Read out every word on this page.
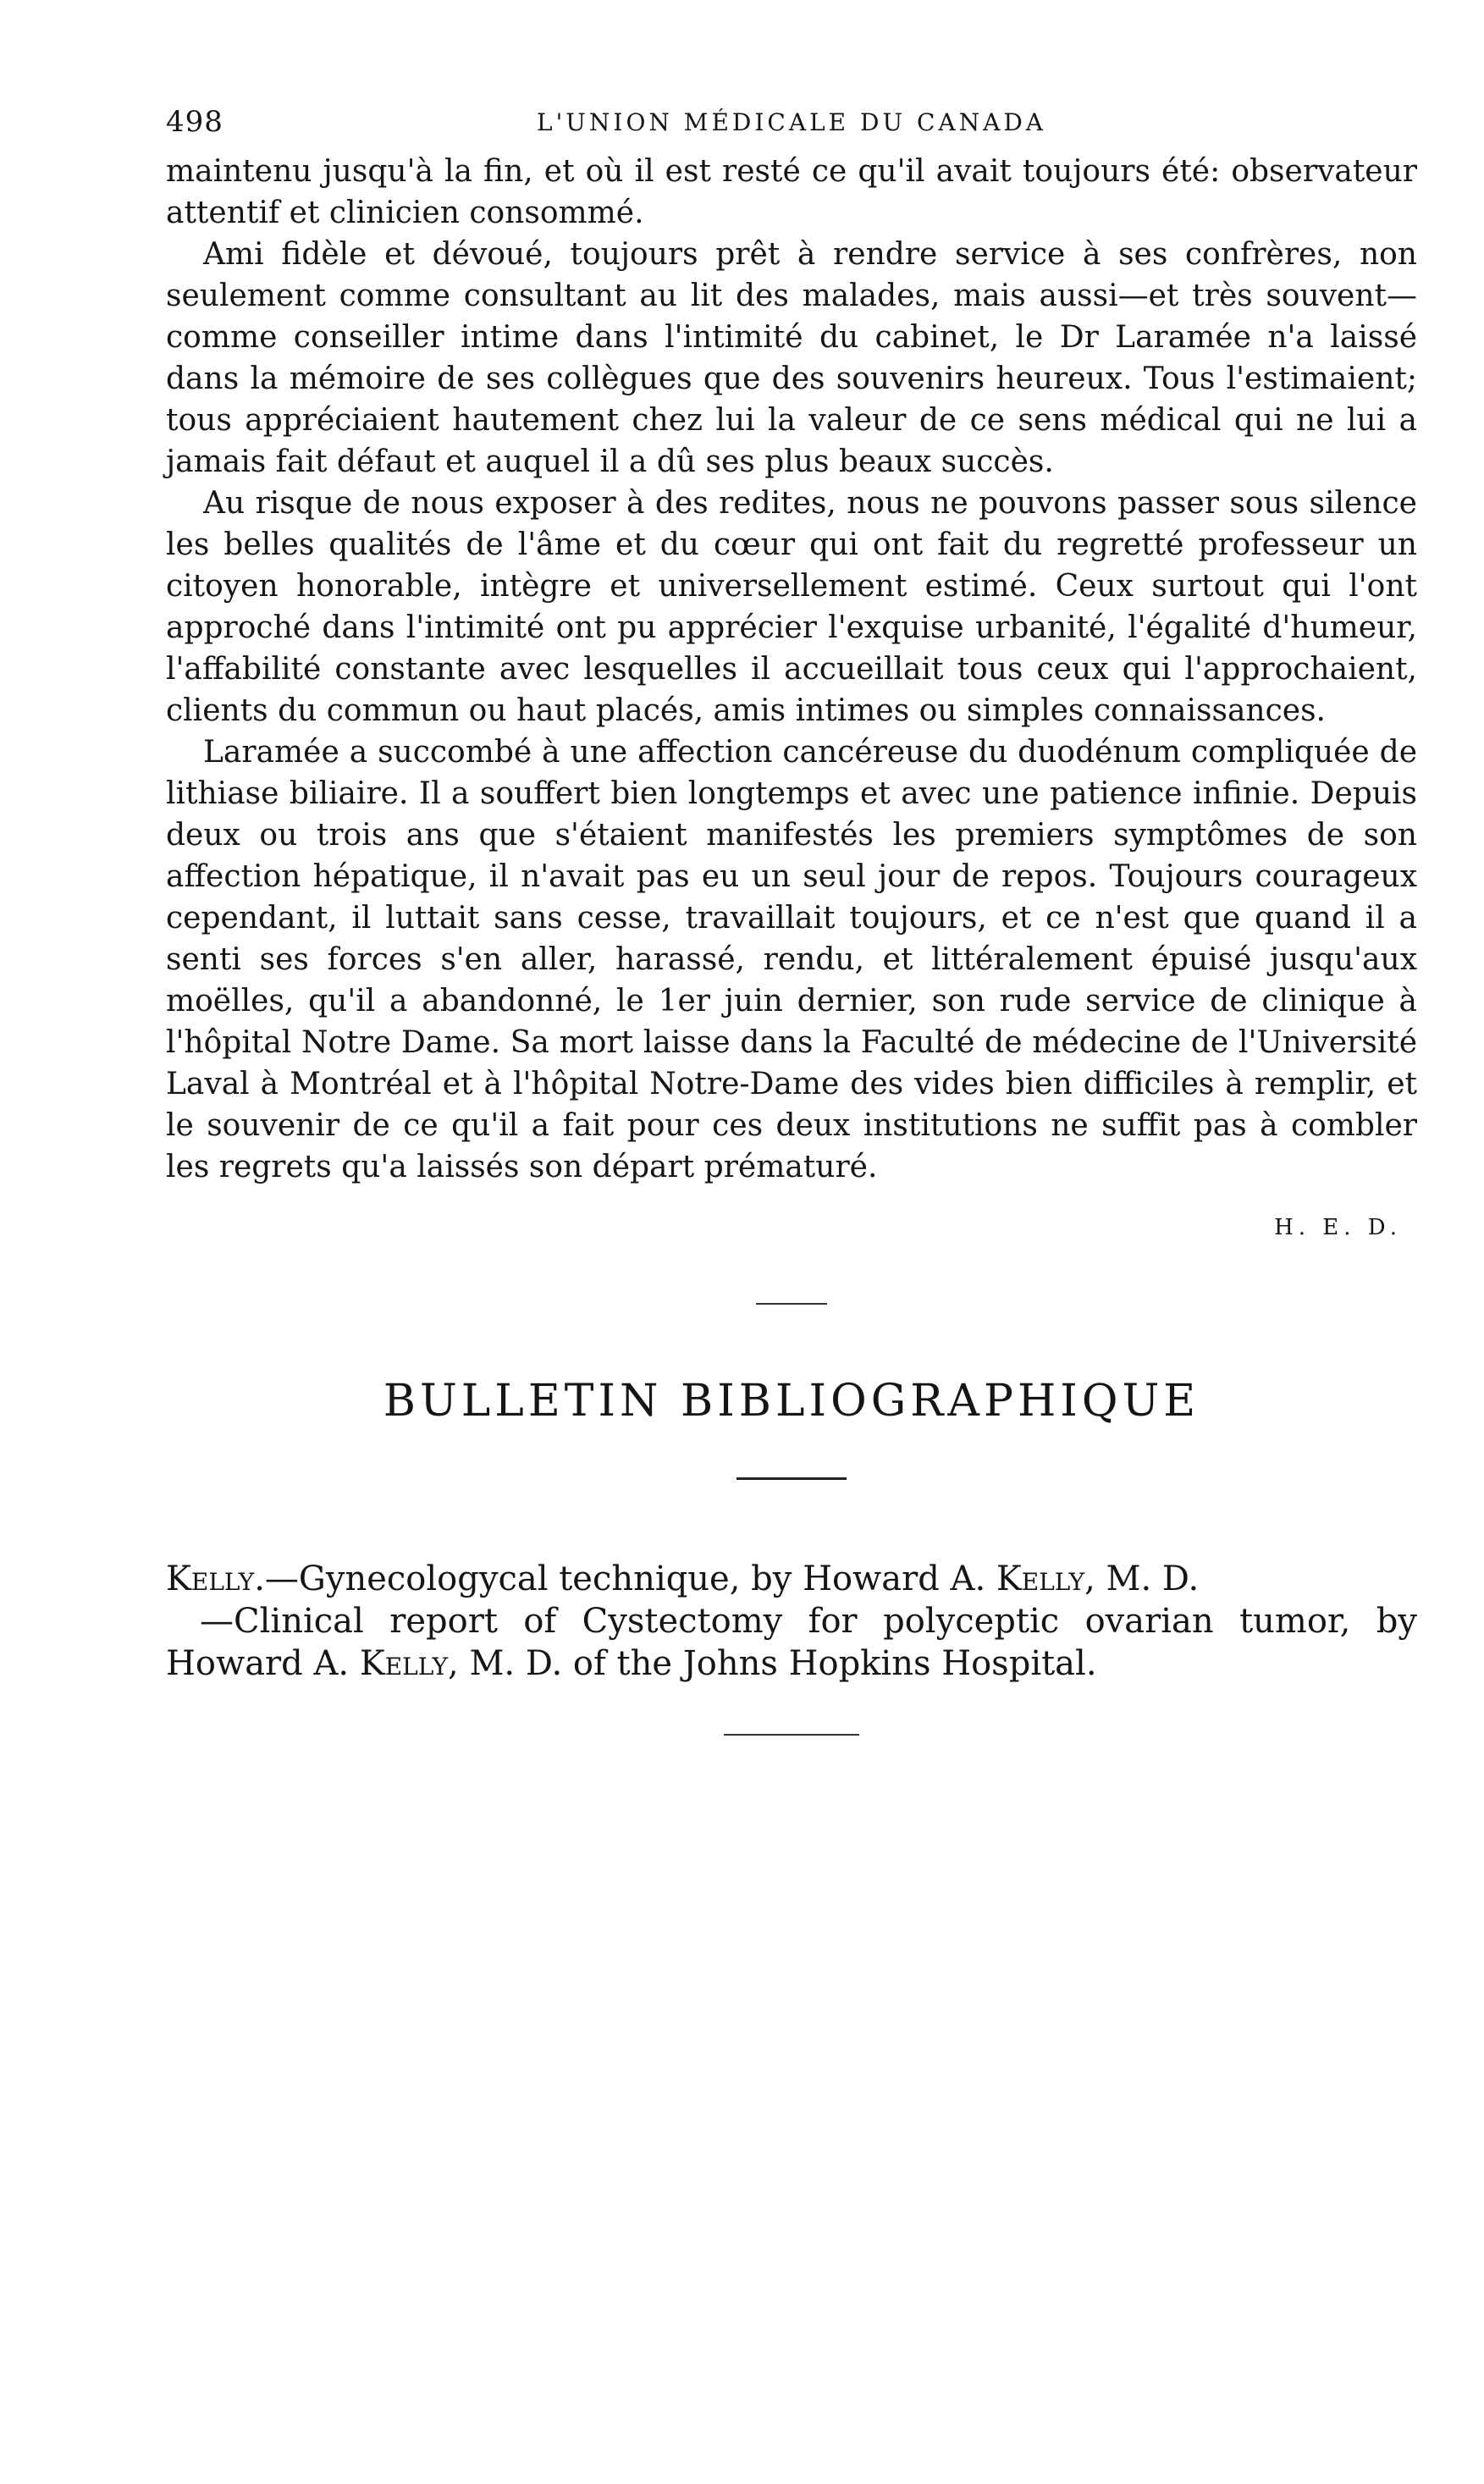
498	L'UNION MÉDICALE DU CANADA

maintenu jusqu'à la fin, et où il est resté ce qu'il avait toujours été: observateur attentif et clinicien consommé.

Ami fidèle et dévoué, toujours prêt à rendre service à ses confrères, non seulement comme consultant au lit des malades, mais aussi—et très souvent—comme conseiller intime dans l'intimité du cabinet, le Dr Laramée n'a laissé dans la mémoire de ses collègues que des souvenirs heureux. Tous l'estimaient; tous appréciaient hautement chez lui la valeur de ce sens médical qui ne lui a jamais fait défaut et auquel il a dû ses plus beaux succès.

Au risque de nous exposer à des redites, nous ne pouvons passer sous silence les belles qualités de l'âme et du cœur qui ont fait du regretté professeur un citoyen honorable, intègre et universellement estimé. Ceux surtout qui l'ont approché dans l'intimité ont pu apprécier l'exquise urbanité, l'égalité d'humeur, l'affabilité constante avec lesquelles il accueillait tous ceux qui l'approchaient, clients du commun ou haut placés, amis intimes ou simples connaissances.

Laramée a succombé à une affection cancéreuse du duodénum compliquée de lithiase biliaire. Il a souffert bien longtemps et avec une patience infinie. Depuis deux ou trois ans que s'étaient manifestés les premiers symptômes de son affection hépatique, il n'avait pas eu un seul jour de repos. Toujours courageux cependant, il luttait sans cesse, travaillait toujours, et ce n'est que quand il a senti ses forces s'en aller, harassé, rendu, et littéralement épuisé jusqu'aux moëlles, qu'il a abandonné, le 1er juin dernier, son rude service de clinique à l'hôpital Notre Dame. Sa mort laisse dans la Faculté de médecine de l'Université Laval à Montréal et à l'hôpital Notre-Dame des vides bien difficiles à remplir, et le souvenir de ce qu'il a fait pour ces deux institutions ne suffit pas à combler les regrets qu'a laissés son départ prématuré.

H. E. D.
BULLETIN BIBLIOGRAPHIQUE

Kelly.—Gynecologycal technique, by Howard A. Kelly, M. D.

—Clinical report of Cystectomy for polyceptic ovarian tumor, by Howard A. Kelly, M. D. of the Johns Hopkins Hospital.
